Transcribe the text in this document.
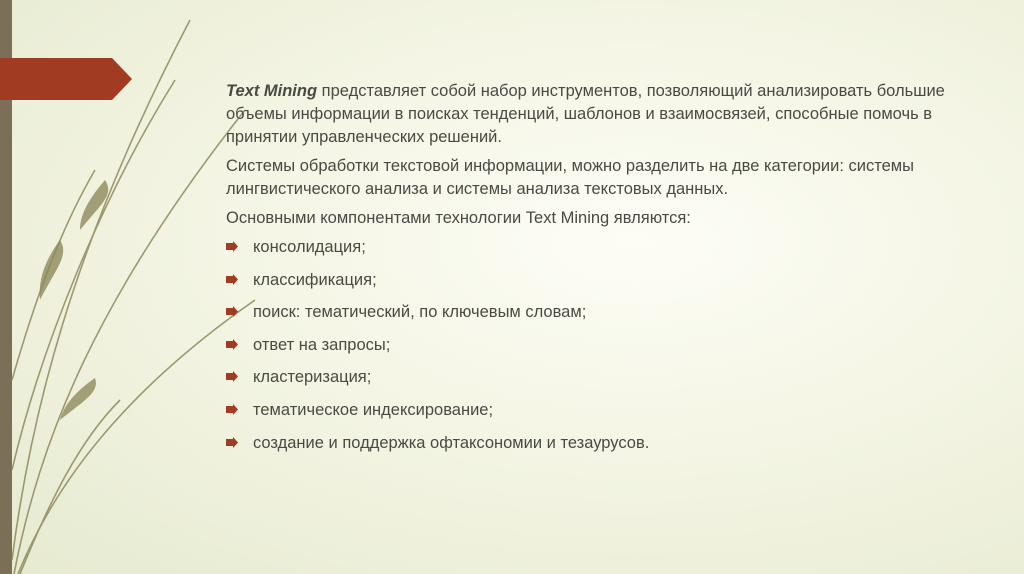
Text Mining представляет собой набор инструментов, позволяющий анализировать большие объемы информации в поисках тенденций, шаблонов и взаимосвязей, способные помочь в принятии управленческих решений.

Системы обработки текстовой информации, можно разделить на две категории: системы лингвистического анализа и системы анализа текстовых данных.

Основными компонентами технологии Text Mining являются:

консолидация;
классификация;
поиск: тематический, по ключевым словам;
ответ на запросы;
кластеризация;
тематическое индексирование;
создание и поддержка офтаксономии и тезаурусов.
